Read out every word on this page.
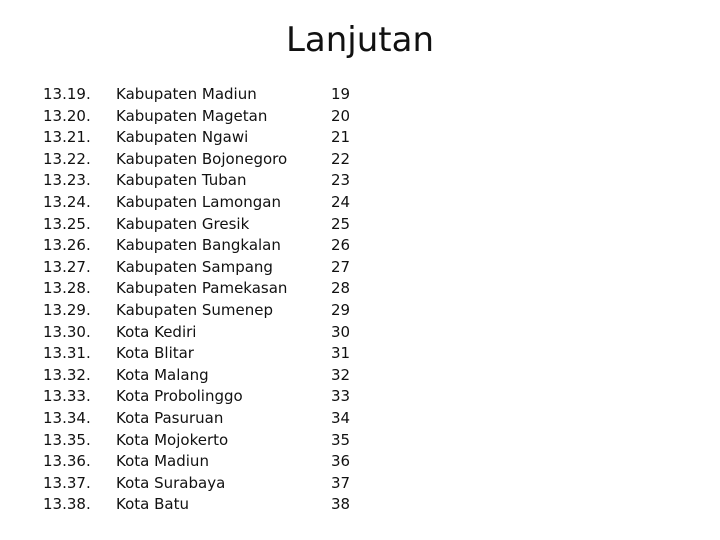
Lanjutan
13.19. Kabupaten Madiun	19
13.20. Kabupaten Magetan	20
13.21. Kabupaten Ngawi	21
13.22. Kabupaten Bojonegoro	22
13.23. Kabupaten Tuban	23
13.24. Kabupaten Lamongan	24
13.25. Kabupaten Gresik	25
13.26. Kabupaten Bangkalan	26
13.27. Kabupaten Sampang	27
13.28. Kabupaten Pamekasan	28
13.29. Kabupaten Sumenep	29
13.30. Kota Kediri	30
13.31. Kota Blitar	31
13.32. Kota Malang	32
13.33. Kota Probolinggo	33
13.34. Kota Pasuruan	34
13.35. Kota Mojokerto	35
13.36. Kota Madiun	36
13.37. Kota Surabaya	37
13.38. Kota Batu	38
